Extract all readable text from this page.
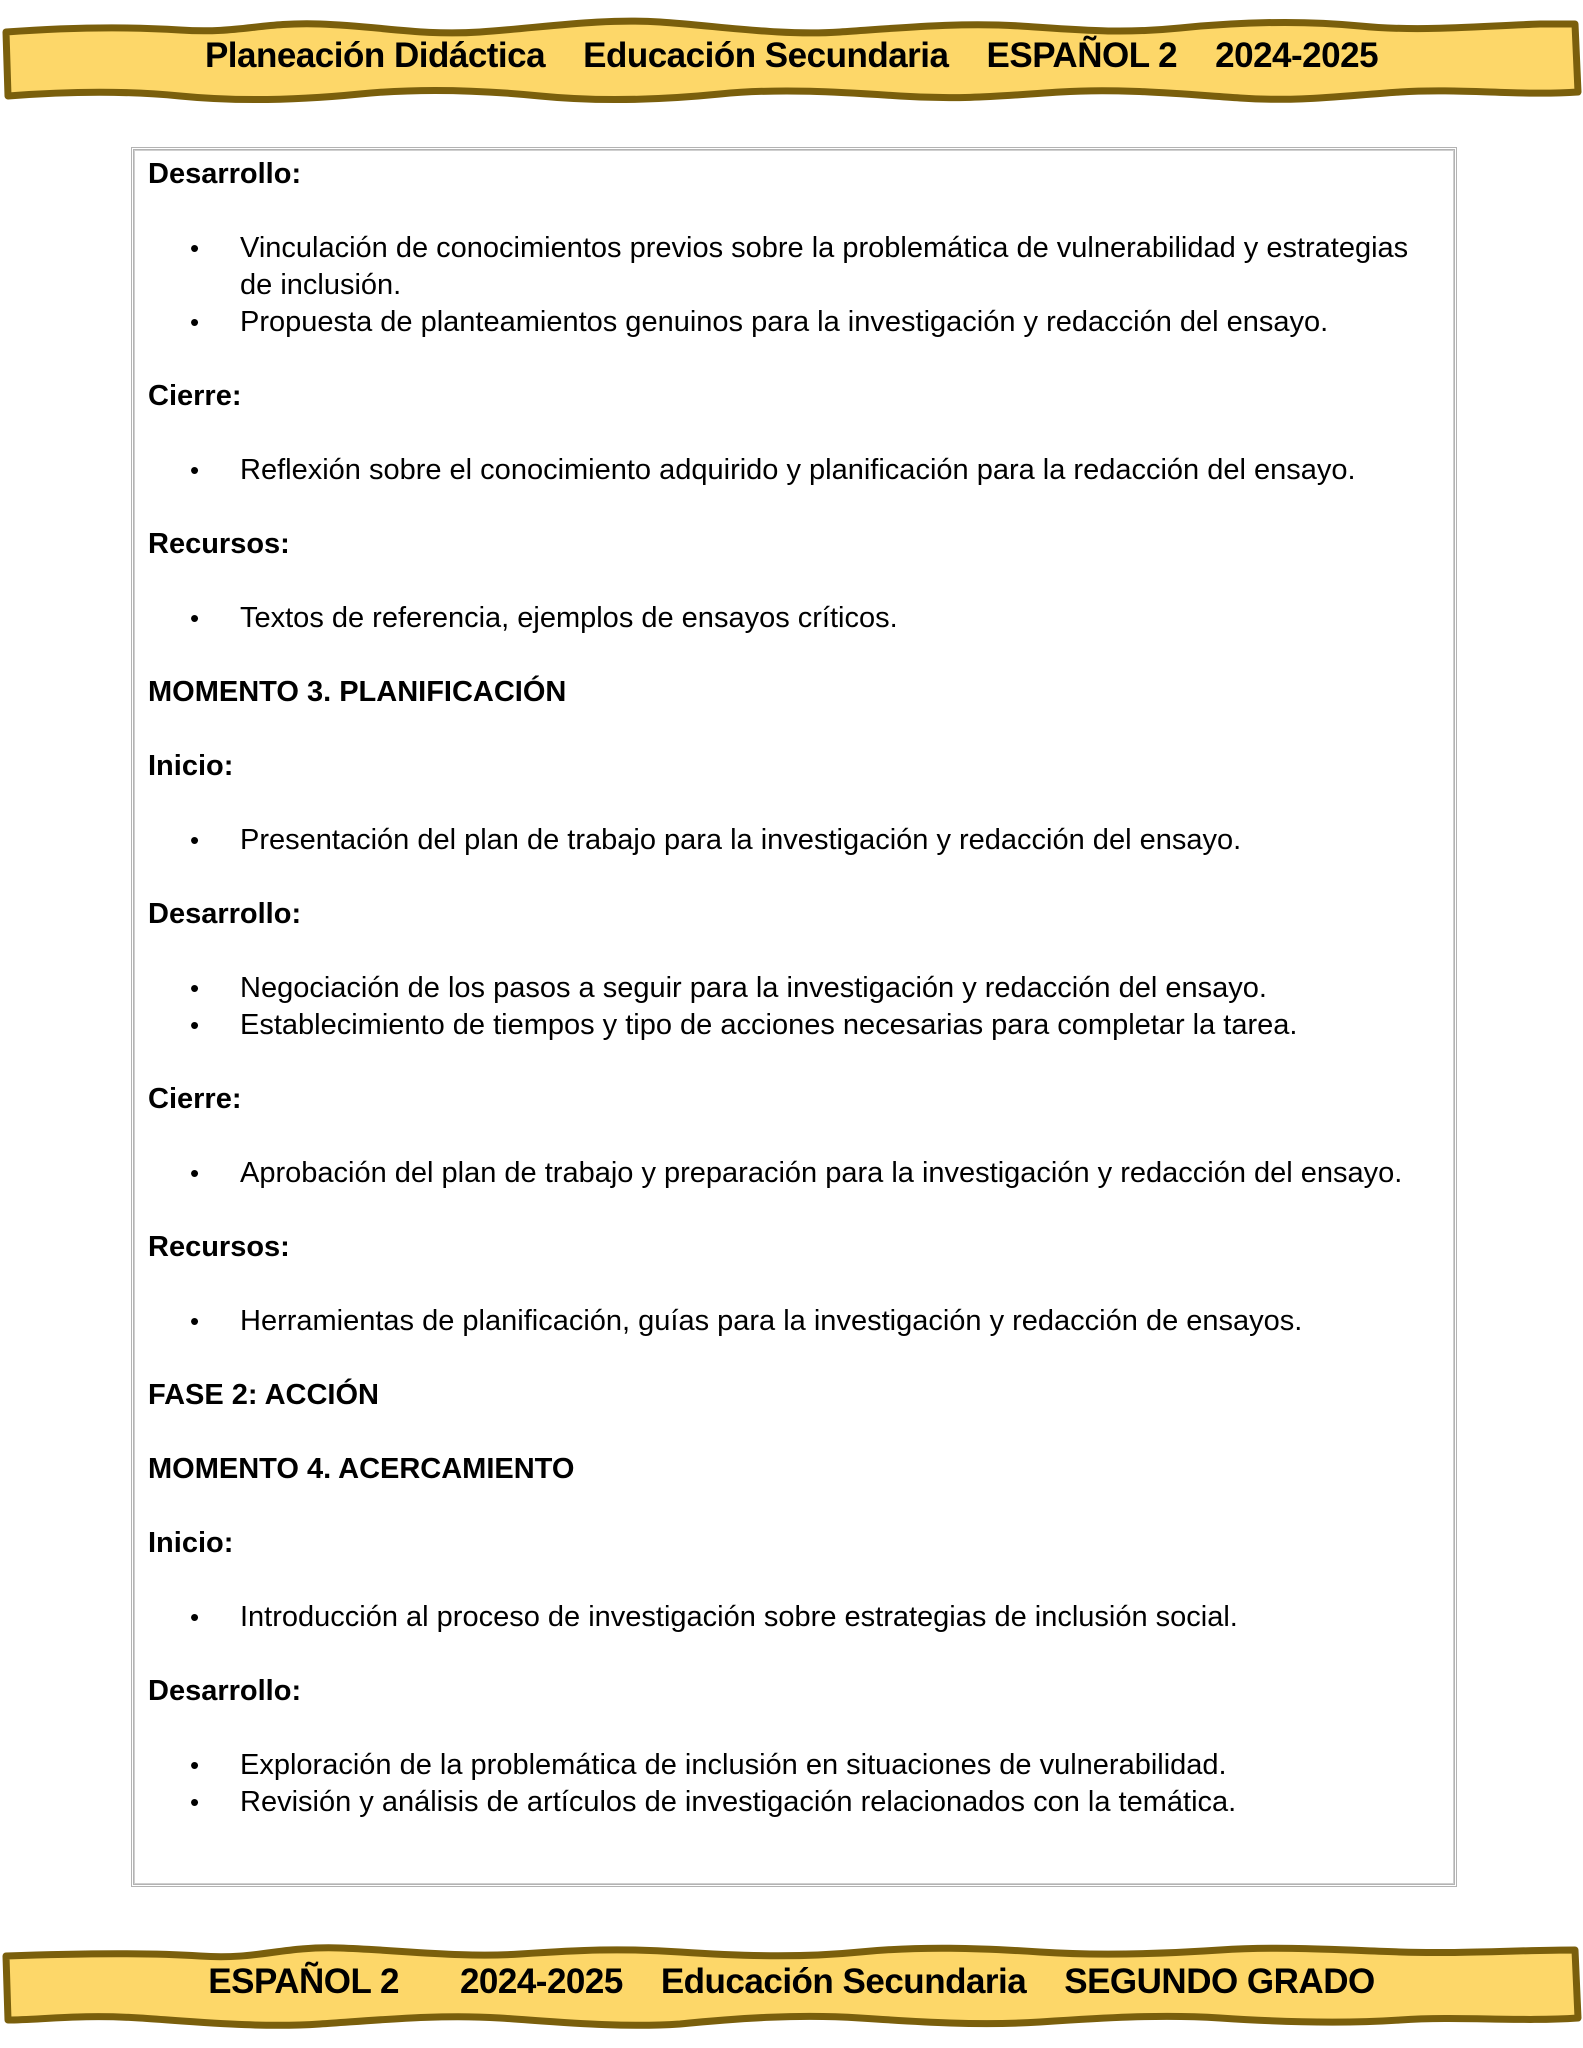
Planeación Didáctica Educación Secundaria ESPAÑOL 2 2024-2025

Desarrollo:

• Vinculación de conocimientos previos sobre la problemática de vulnerabilidad y estrategias de inclusión.
• Propuesta de planteamientos genuinos para la investigación y redacción del ensayo.

Cierre:

• Reflexión sobre el conocimiento adquirido y planificación para la redacción del ensayo.

Recursos:

• Textos de referencia, ejemplos de ensayos críticos.

MOMENTO 3. PLANIFICACIÓN

Inicio:

• Presentación del plan de trabajo para la investigación y redacción del ensayo.

Desarrollo:

• Negociación de los pasos a seguir para la investigación y redacción del ensayo.
• Establecimiento de tiempos y tipo de acciones necesarias para completar la tarea.

Cierre:

• Aprobación del plan de trabajo y preparación para la investigación y redacción del ensayo.

Recursos:

• Herramientas de planificación, guías para la investigación y redacción de ensayos.

FASE 2: ACCIÓN

MOMENTO 4. ACERCAMIENTO

Inicio:

• Introducción al proceso de investigación sobre estrategias de inclusión social.

Desarrollo:

• Exploración de la problemática de inclusión en situaciones de vulnerabilidad.
• Revisión y análisis de artículos de investigación relacionados con la temática.
ESPAÑOL 2 2024-2025 Educación Secundaria SEGUNDO GRADO
